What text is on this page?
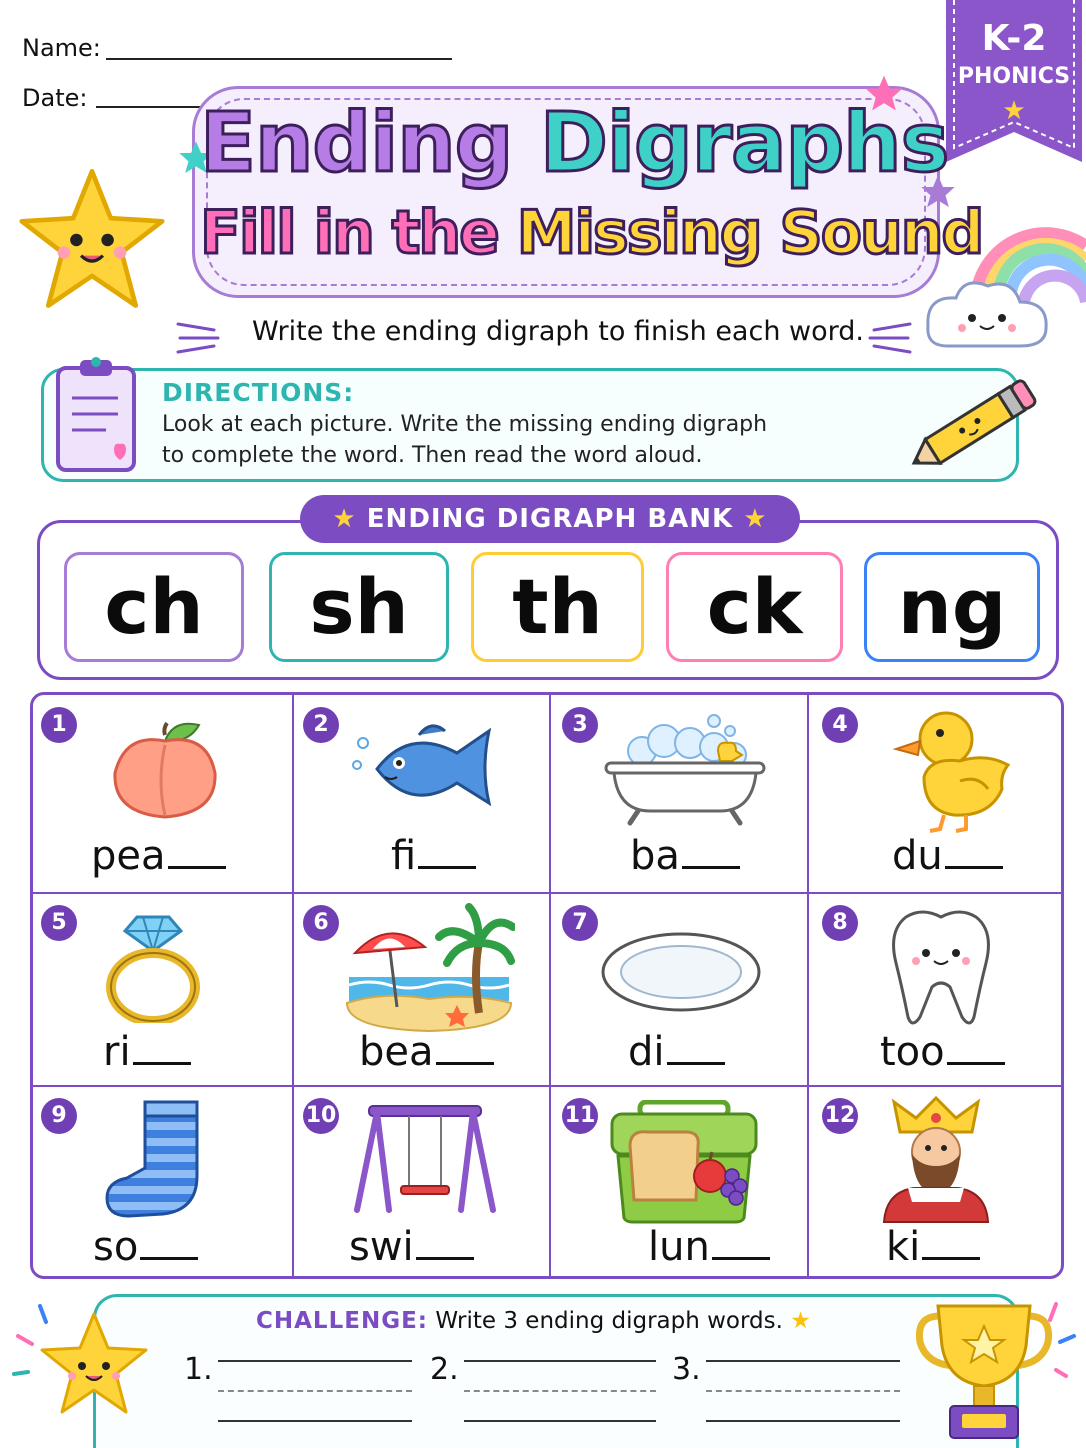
Name:
Date:
K-2
PHONICS
★
Ending Digraphs
Fill in the Missing Sound
Write the ending digraph to finish each word.
DIRECTIONS:
Look at each picture. Write the missing ending digraph
to complete the word. Then read the word aloud.
★ ENDING DIGRAPH BANK ★
ch	sh	th	ck	ng
1
pea
2
fi
3
ba
4
du
5
ri
6
bea
7
di
8
too
9
so
10
swi
11
lun
12
ki
CHALLENGE: Write 3 ending digraph words. ★
1.	2.	3.
